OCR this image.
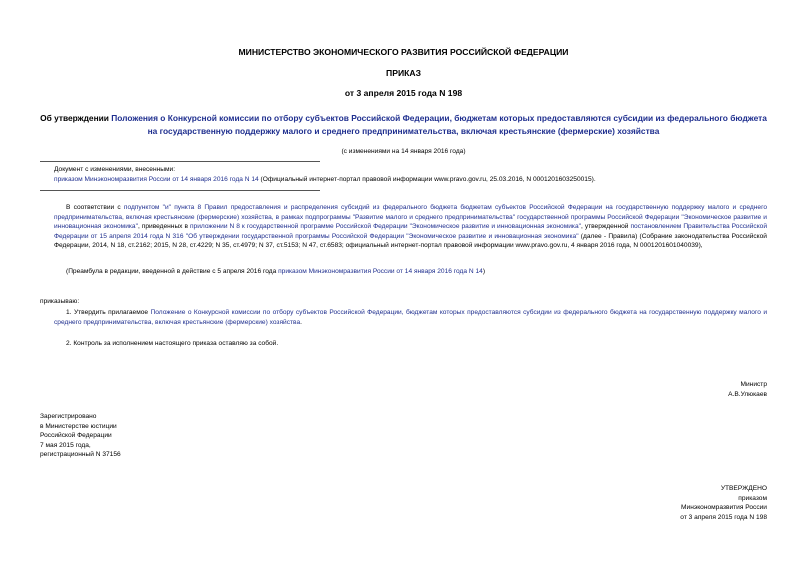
МИНИСТЕРСТВО ЭКОНОМИЧЕСКОГО РАЗВИТИЯ РОССИЙСКОЙ ФЕДЕРАЦИИ
ПРИКАЗ
от 3 апреля 2015 года N 198
Об утверждении Положения о Конкурсной комиссии по отбору субъектов Российской Федерации, бюджетам которых предоставляются субсидии из федерального бюджета на государственную поддержку малого и среднего предпринимательства, включая крестьянские (фермерские) хозяйства
(с изменениями на 14 января 2016 года)

Документ с изменениями, внесенными:

приказом Минэкономразвития России от 14 января 2016 года N 14 (Официальный интернет-портал правовой информации www.pravo.gov.ru, 25.03.2016, N 0001201603250015).

В соответствии с подпунктом "и" пункта 8 Правил предоставления и распределения субсидий из федерального бюджета бюджетам субъектов Российской Федерации на государственную поддержку малого и среднего предпринимательства, включая крестьянские (фермерские) хозяйства, в рамках подпрограммы "Развитие малого и среднего предпринимательства" государственной программы Российской Федерации "Экономическое развитие и инновационная экономика", приведенных в приложении N 8 к государственной программе Российской Федерации "Экономическое развитие и инновационная экономика", утвержденной постановлением Правительства Российской Федерации от 15 апреля 2014 года N 316 "Об утверждении государственной программы Российской Федерации "Экономическое развитие и инновационная экономика" (далее - Правила) (Собрание законодательства Российской Федерации, 2014, N 18, ст.2162; 2015, N 28, ст.4229; N 35, ст.4979; N 37, ст.5153; N 47, ст.6583; официальный интернет-портал правовой информации www.pravo.gov.ru, 4 января 2016 года, N 0001201601040039),
(Преамбула в редакции, введенной в действие с 5 апреля 2016 года приказом Минэкономразвития России от 14 января 2016 года N 14)
приказываю:
1. Утвердить прилагаемое Положение о Конкурсной комиссии по отбору субъектов Российской Федерации, бюджетам которых предоставляются субсидии из федерального бюджета на государственную поддержку малого и среднего предпринимательства, включая крестьянские (фермерские) хозяйства.
2. Контроль за исполнением настоящего приказа оставляю за собой.

Министр

А.В.Улюкаев

Зарегистрировано

в Министерстве юстиции

Российской Федерации

7 мая 2015 года,

регистрационный N 37156

УТВЕРЖДЕНО

приказом

Минэкономразвития России

от 3 апреля 2015 года N 198
